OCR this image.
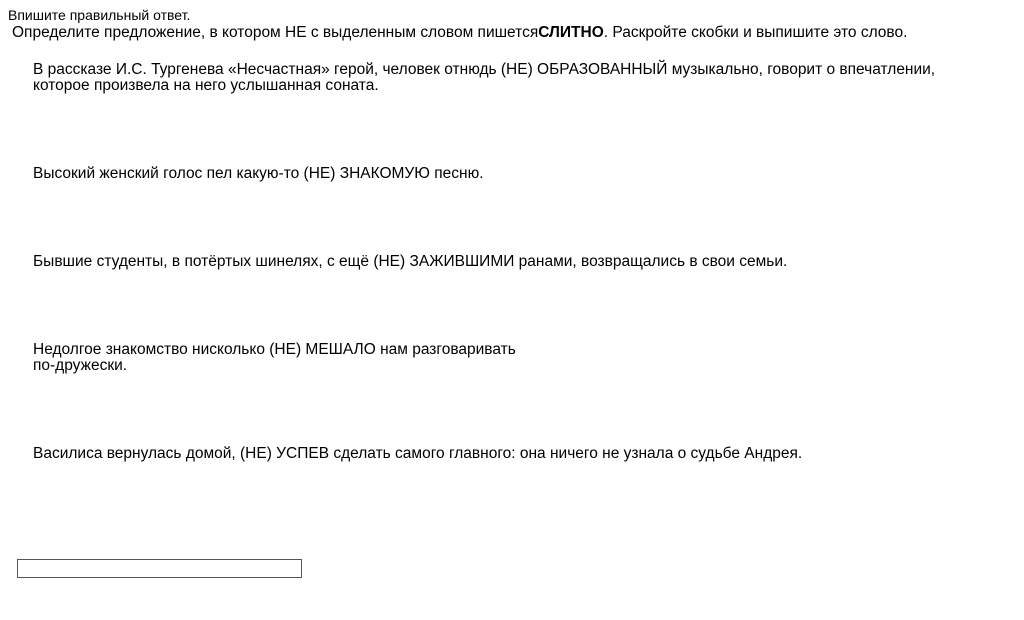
Впишите правильный ответ.
Определите предложение, в котором НЕ с выделенным словом пишетсяСЛИТНО. Раскройте скобки и выпишите это слово.

В рассказе И.С. Тургенева «Несчастная» герой, человек отнюдь (НЕ) ОБРАЗОВАННЫЙ музыкально, говорит о впечатлении,
которое произвела на него услышанная соната.

Высокий женский голос пел какую-то (НЕ) ЗНАКОМУЮ песню.

Бывшие студенты, в потёртых шинелях, с ещё (НЕ) ЗАЖИВШИМИ ранами, возвращались в свои семьи.

Недолгое знакомство нисколько (НЕ) МЕШАЛО нам разговаривать
по-дружески.

Василиса вернулась домой, (НЕ) УСПЕВ сделать самого главного: она ничего не узнала о судьбе Андрея.
